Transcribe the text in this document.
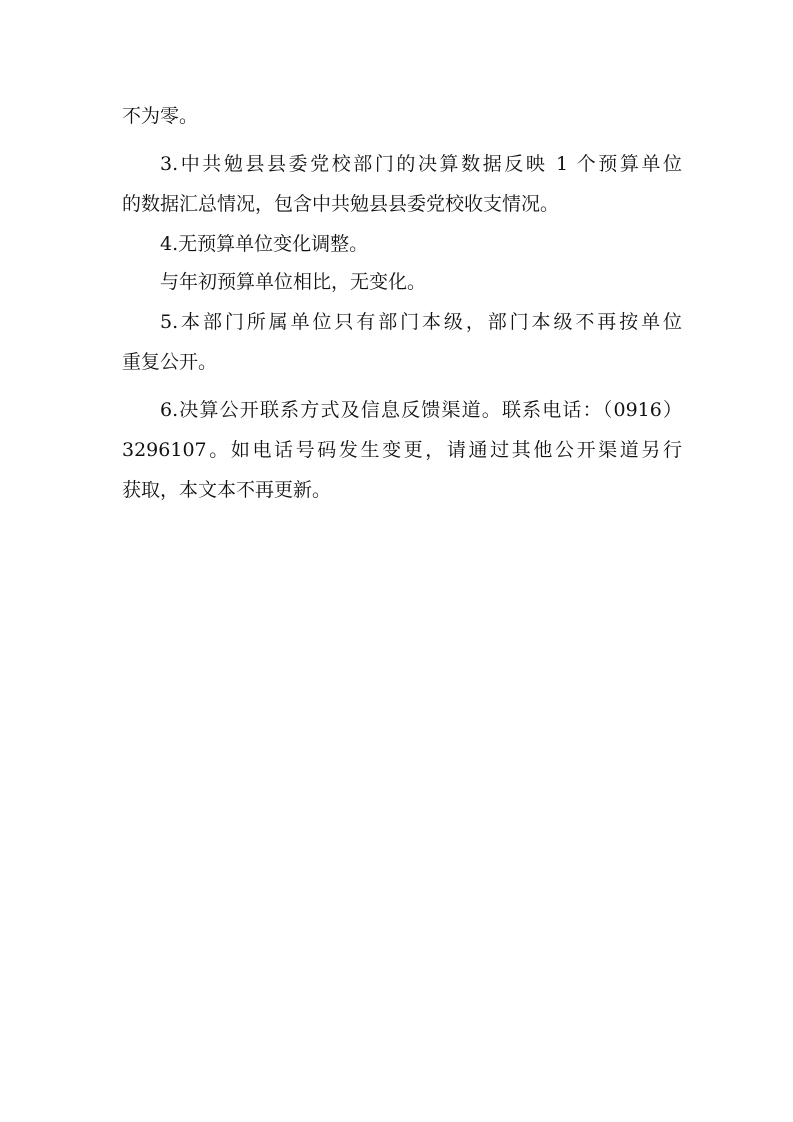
不为零。
3.中共勉县县委党校部门的决算数据反映 1 个预算单位
的数据汇总情况，包含中共勉县县委党校收支情况。
4.无预算单位变化调整。
与年初预算单位相比，无变化。
5.本部门所属单位只有部门本级，部门本级不再按单位
重复公开。
6.决算公开联系方式及信息反馈渠道。联系电话：（0916）
3296107。如电话号码发生变更，请通过其他公开渠道另行
获取，本文本不再更新。
